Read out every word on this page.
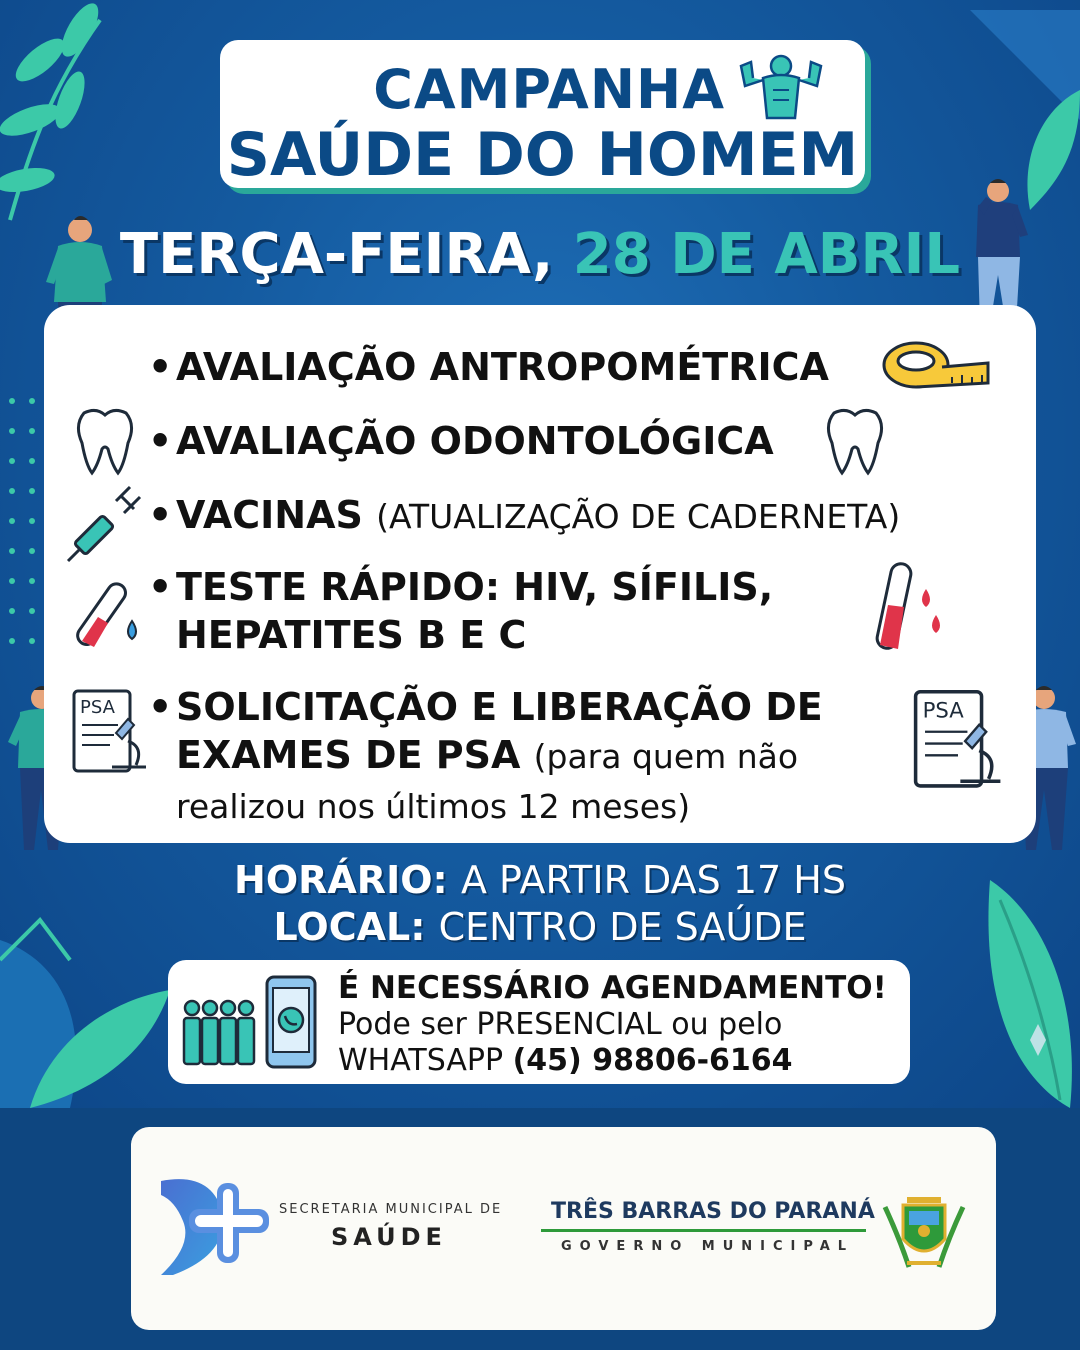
CAMPANHA
SAÚDE DO HOMEM
TERÇA-FEIRA, 28 DE ABRIL
•AVALIAÇÃO ANTROPOMÉTRICA
•AVALIAÇÃO ODONTOLÓGICA
•VACINAS (ATUALIZAÇÃO DE CADERNETA)
•TESTE RÁPIDO: HIV, SÍFILIS,
HEPATITES B E C
PSA •SOLICITAÇÃO E LIBERAÇÃO DE
EXAMES DE PSA (para quem não
realizou nos últimos 12 meses)
PSA
HORÁRIO: A PARTIR DAS 17 HS
LOCAL: CENTRO DE SAÚDE
É NECESSÁRIO AGENDAMENTO!
Pode ser PRESENCIAL ou pelo
WHATSAPP (45) 98806-6164
SECRETARIA MUNICIPAL DE
SAÚDE
TRÊS BARRAS DO PARANÁ
GOVERNO MUNICIPAL
